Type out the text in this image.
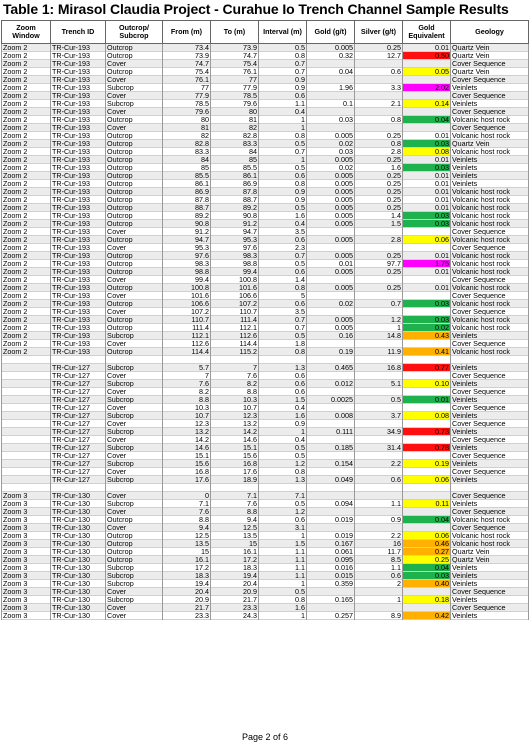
Table 1: Mirasol Claudia Project - Curahue Io Trench Channel Sample Results
Zoom Window	Trench ID	Outcrop/ Subcrop	From (m)	To (m)	Interval (m)	Gold (g/t)	Silver (g/t)	Gold Equivalent	Geology
Zoom 2	TR-Cur-193	Outcrop	73.4	73.9	0.5	0.005	0.25	0.01	Quartz Vein
Zoom 2	TR-Cur-193	Outcrop	73.9	74.7	0.8	0.32	12.7	0.50	Quartz Vein
Zoom 2	TR-Cur-193	Cover	74.7	75.4	0.7				Cover Sequence
Zoom 2	TR-Cur-193	Outcrop	75.4	76.1	0.7	0.04	0.6	0.05	Quartz Vein
Zoom 2	TR-Cur-193	Cover	76.1	77	0.9				Cover Sequence
Zoom 2	TR-Cur-193	Subcrop	77	77.9	0.9	1.96	3.3	2.02	Veinlets
Zoom 2	TR-Cur-193	Cover	77.9	78.5	0.6				Cover Sequence
Zoom 2	TR-Cur-193	Subcrop	78.5	79.6	1.1	0.1	2.1	0.14	Veinlets
Zoom 2	TR-Cur-193	Cover	79.6	80	0.4				Cover Sequence
Zoom 2	TR-Cur-193	Outcrop	80	81	1	0.03	0.8	0.04	Volcanic host rock
Zoom 2	TR-Cur-193	Cover	81	82	1				Cover Sequence
Zoom 2	TR-Cur-193	Outcrop	82	82.8	0.8	0.005	0.25	0.01	Volcanic host rock
Zoom 2	TR-Cur-193	Outcrop	82.8	83.3	0.5	0.02	0.8	0.03	Quartz Vein
Zoom 2	TR-Cur-193	Outcrop	83.3	84	0.7	0.03	2.8	0.08	Volcanic host rock
Zoom 2	TR-Cur-193	Outcrop	84	85	1	0.005	0.25	0.01	Veinlets
Zoom 2	TR-Cur-193	Outcrop	85	85.5	0.5	0.02	1.6	0.03	Veinlets
Zoom 2	TR-Cur-193	Outcrop	85.5	86.1	0.6	0.005	0.25	0.01	Veinlets
Zoom 2	TR-Cur-193	Outcrop	86.1	86.9	0.8	0.005	0.25	0.01	Veinlets
Zoom 2	TR-Cur-193	Outcrop	86.9	87.8	0.9	0.005	0.25	0.01	Volcanic host rock
Zoom 2	TR-Cur-193	Outcrop	87.8	88.7	0.9	0.005	0.25	0.01	Volcanic host rock
Zoom 2	TR-Cur-193	Outcrop	88.7	89.2	0.5	0.005	0.25	0.01	Volcanic host rock
Zoom 2	TR-Cur-193	Outcrop	89.2	90.8	1.6	0.005	1.4	0.03	Volcanic host rock
Zoom 2	TR-Cur-193	Outcrop	90.8	91.2	0.4	0.005	1.5	0.03	Volcanic host rock
Zoom 2	TR-Cur-193	Cover	91.2	94.7	3.5				Cover Sequence
Zoom 2	TR-Cur-193	Outcrop	94.7	95.3	0.6	0.005	2.8	0.06	Volcanic host rock
Zoom 2	TR-Cur-193	Cover	95.3	97.6	2.3				Cover Sequence
Zoom 2	TR-Cur-193	Outcrop	97.6	98.3	0.7	0.005	0.25	0.01	Volcanic host rock
Zoom 2	TR-Cur-193	Outcrop	98.3	98.8	0.5	0.01	97.7	1.75	Volcanic host rock
Zoom 2	TR-Cur-193	Outcrop	98.8	99.4	0.6	0.005	0.25	0.01	Volcanic host rock
Zoom 2	TR-Cur-193	Cover	99.4	100.8	1.4				Cover Sequence
Zoom 2	TR-Cur-193	Outcrop	100.8	101.6	0.8	0.005	0.25	0.01	Volcanic host rock
Zoom 2	TR-Cur-193	Cover	101.6	106.6	5				Cover Sequence
Zoom 2	TR-Cur-193	Outcrop	106.6	107.2	0.6	0.02	0.7	0.03	Volcanic host rock
Zoom 2	TR-Cur-193	Cover	107.2	110.7	3.5				Cover Sequence
Zoom 2	TR-Cur-193	Outcrop	110.7	111.4	0.7	0.005	1.2	0.03	Volcanic host rock
Zoom 2	TR-Cur-193	Outcrop	111.4	112.1	0.7	0.005	1	0.02	Volcanic host rock
Zoom 2	TR-Cur-193	Subcrop	112.1	112.6	0.5	0.16	14.8	0.43	Veinlets
Zoom 2	TR-Cur-193	Cover	112.6	114.4	1.8				Cover Sequence
Zoom 2	TR-Cur-193	Outcrop	114.4	115.2	0.8	0.19	11.9	0.41	Volcanic host rock

	TR-Cur-127	Subcrop	5.7	7	1.3	0.465	16.8	0.77	Veinlets
	TR-Cur-127	Cover	7	7.6	0.6				Cover Sequence
	TR-Cur-127	Subcrop	7.6	8.2	0.6	0.012	5.1	0.10	Veinlets
	TR-Cur-127	Cover	8.2	8.8	0.6				Cover Sequence
	TR-Cur-127	Subcrop	8.8	10.3	1.5	0.0025	0.5	0.01	Veinlets
	TR-Cur-127	Cover	10.3	10.7	0.4				Cover Sequence
	TR-Cur-127	Subcrop	10.7	12.3	1.6	0.008	3.7	0.08	Veinlets
	TR-Cur-127	Cover	12.3	13.2	0.9				Cover Sequence
	TR-Cur-127	Subcrop	13.2	14.2	1	0.111	34.9	0.73	Veinlets
	TR-Cur-127	Cover	14.2	14.6	0.4				Cover Sequence
	TR-Cur-127	Subcrop	14.6	15.1	0.5	0.185	31.4	0.78	Veinlets
	TR-Cur-127	Cover	15.1	15.6	0.5				Cover Sequence
	TR-Cur-127	Subcrop	15.6	16.8	1.2	0.154	2.2	0.19	Veinlets
	TR-Cur-127	Cover	16.8	17.6	0.8				Cover Sequence
	TR-Cur-127	Subcrop	17.6	18.9	1.3	0.049	0.6	0.06	Veinlets

Zoom 3	TR-Cur-130	Cover	0	7.1	7.1				Cover Sequence
Zoom 3	TR-Cur-130	Subcrop	7.1	7.6	0.5	0.094	1.1	0.11	Veinlets
Zoom 3	TR-Cur-130	Cover	7.6	8.8	1.2				Cover Sequence
Zoom 3	TR-Cur-130	Outcrop	8.8	9.4	0.6	0.019	0.9	0.04	Volcanic host rock
Zoom 3	TR-Cur-130	Cover	9.4	12.5	3.1				Cover Sequence
Zoom 3	TR-Cur-130	Outcrop	12.5	13.5	1	0.019	2.2	0.06	Volcanic host rock
Zoom 3	TR-Cur-130	Outcrop	13.5	15	1.5	0.167	16	0.46	Volcanic host rock
Zoom 3	TR-Cur-130	Outcrop	15	16.1	1.1	0.061	11.7	0.27	Quartz Vein
Zoom 3	TR-Cur-130	Outcrop	16.1	17.2	1.1	0.095	8.5	0.25	Quartz Vein
Zoom 3	TR-Cur-130	Subcrop	17.2	18.3	1.1	0.016	1.1	0.04	Veinlets
Zoom 3	TR-Cur-130	Subcrop	18.3	19.4	1.1	0.015	0.6	0.03	Veinlets
Zoom 3	TR-Cur-130	Subcrop	19.4	20.4	1	0.359	2	0.40	Veinlets
Zoom 3	TR-Cur-130	Cover	20.4	20.9	0.5				Cover Sequence
Zoom 3	TR-Cur-130	Subcrop	20.9	21.7	0.8	0.165	1	0.18	Veinlets
Zoom 3	TR-Cur-130	Cover	21.7	23.3	1.6				Cover Sequence
Zoom 3	TR-Cur-130	Cover	23.3	24.3	1	0.257	8.9	0.42	Veinlets
Page 2 of 6
